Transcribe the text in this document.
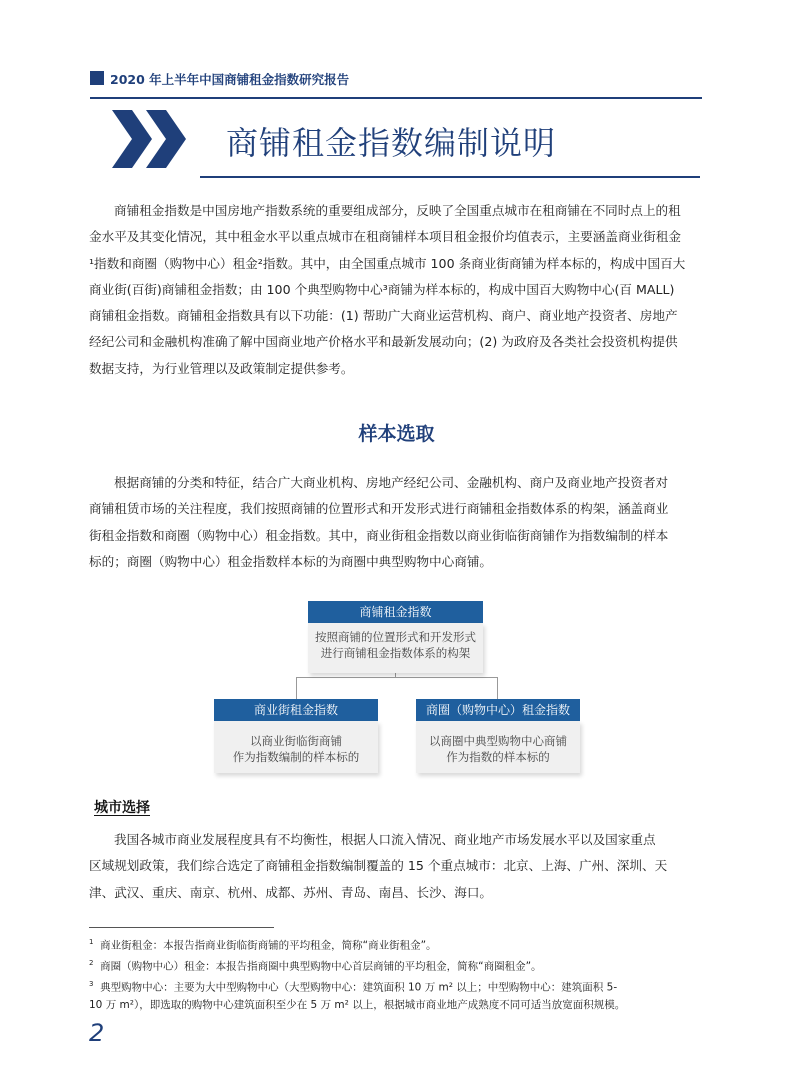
2020 年上半年中国商铺租金指数研究报告
商铺租金指数编制说明
商铺租金指数是中国房地产指数系统的重要组成部分，反映了全国重点城市在租商铺在不同时点上的租
金水平及其变化情况，其中租金水平以重点城市在租商铺样本项目租金报价均值表示，主要涵盖商业街租金
¹指数和商圈（购物中心）租金²指数。其中，由全国重点城市 100 条商业街商铺为样本标的，构成中国百大
商业街(百街)商铺租金指数；由 100 个典型购物中心³商铺为样本标的，构成中国百大购物中心(百 MALL)
商铺租金指数。商铺租金指数具有以下功能：(1) 帮助广大商业运营机构、商户、商业地产投资者、房地产
经纪公司和金融机构准确了解中国商业地产价格水平和最新发展动向；(2) 为政府及各类社会投资机构提供
数据支持，为行业管理以及政策制定提供参考。
样本选取
根据商铺的分类和特征，结合广大商业机构、房地产经纪公司、金融机构、商户及商业地产投资者对
商铺租赁市场的关注程度，我们按照商铺的位置形式和开发形式进行商铺租金指数体系的构架，涵盖商业
街租金指数和商圈（购物中心）租金指数。其中，商业街租金指数以商业街临街商铺作为指数编制的样本
标的；商圈（购物中心）租金指数样本标的为商圈中典型购物中心商铺。
商铺租金指数
按照商铺的位置形式和开发形式
进行商铺租金指数体系的构架
商业街租金指数
以商业街临街商铺
作为指数编制的样本标的
商圈（购物中心）租金指数
以商圈中典型购物中心商铺
作为指数的样本标的
城市选择
我国各城市商业发展程度具有不均衡性，根据人口流入情况、商业地产市场发展水平以及国家重点
区域规划政策，我们综合选定了商铺租金指数编制覆盖的 15 个重点城市：北京、上海、广州、深圳、天
津、武汉、重庆、南京、杭州、成都、苏州、青岛、南昌、长沙、海口。
$^1$ 商业街租金：本报告指商业街临街商铺的平均租金，简称“商业街租金”。
$^2$ 商圈（购物中心）租金：本报告指商圈中典型购物中心首层商铺的平均租金，简称“商圈租金”。
$^3$ 典型购物中心：主要为大中型购物中心（大型购物中心：建筑面积 10 万 m² 以上；中型购物中心：建筑面积 5-
10 万 m²），即选取的购物中心建筑面积至少在 5 万 m² 以上，根据城市商业地产成熟度不同可适当放宽面积规模。
2
